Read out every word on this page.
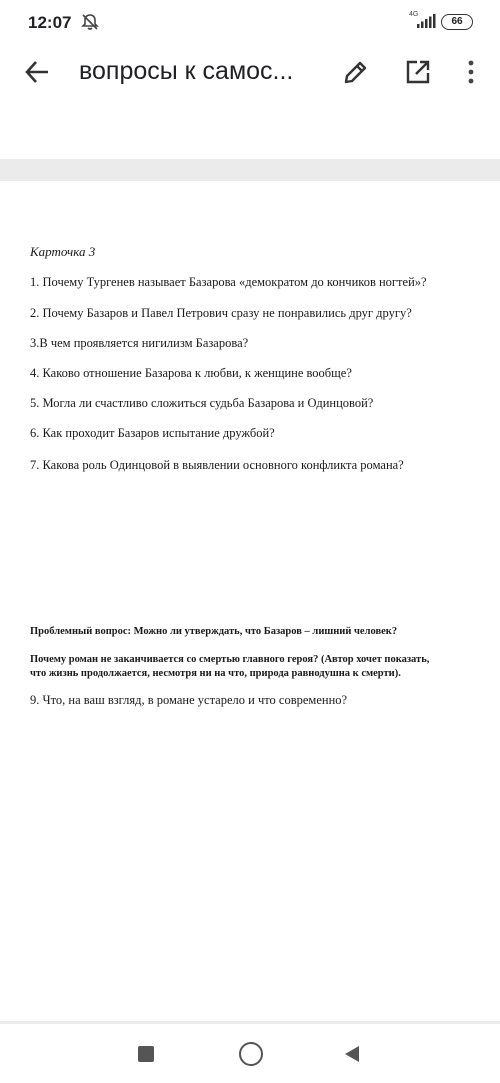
12:07	4G
66
вопросы к самос...
Карточка 3
1. Почему Тургенев называет Базарова «демократом до кончиков ногтей»?
2. Почему Базаров и Павел Петрович сразу не понравились друг другу?
3.В чем проявляется нигилизм Базарова?
4. Каково отношение Базарова к любви, к женщине вообще?
5. Могла ли счастливо сложиться судьба Базарова и Одинцовой?
6. Как проходит Базаров испытание дружбой?
7. Какова роль Одинцовой в выявлении основного конфликта романа?
Проблемный вопрос: Можно ли утверждать, что Базаров – лишний человек?
Почему роман не заканчивается со смертью главного героя? (Автор хочет показать,
что жизнь продолжается, несмотря ни на что, природа равнодушна к смерти).
9. Что, на ваш взгляд, в романе устарело и что современно?
